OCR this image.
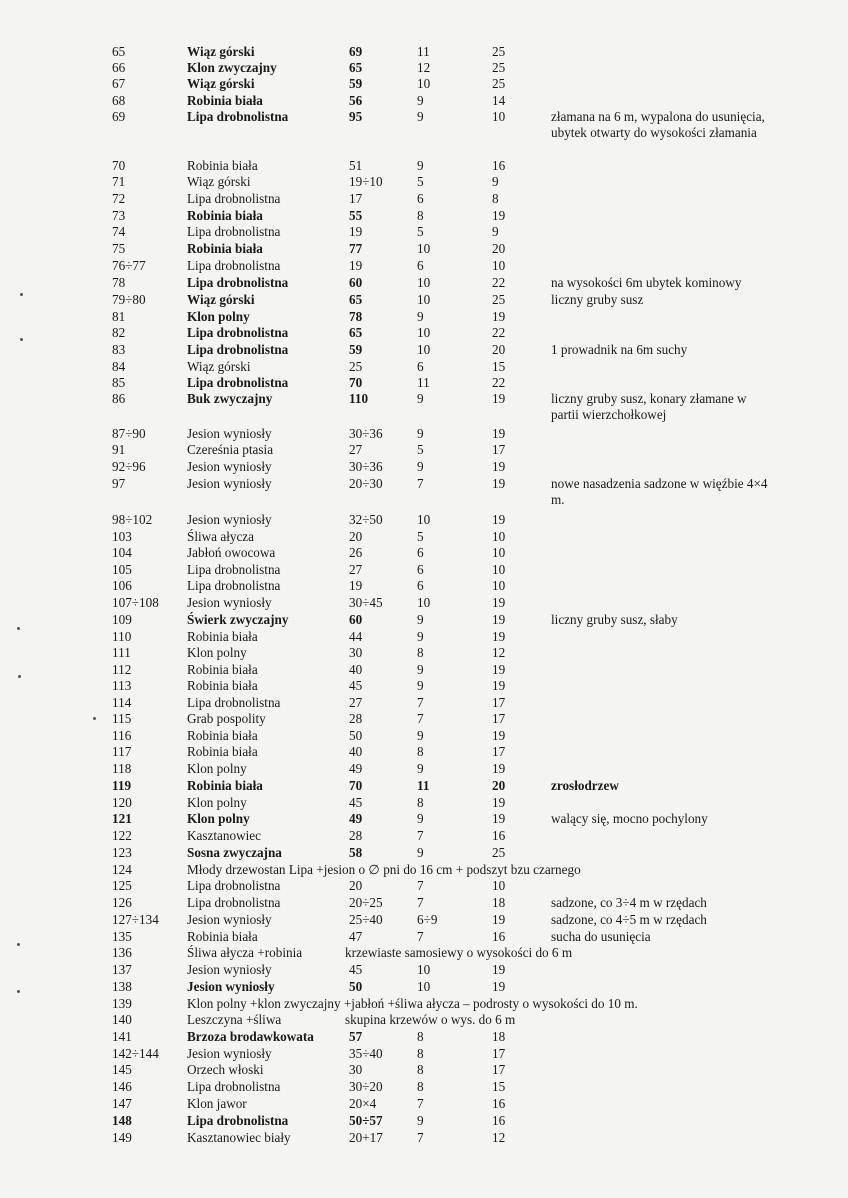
65	Wiąz górski	69	11	25
66	Klon zwyczajny	65	12	25
67	Wiąz górski	59	10	25
68	Robinia biała	56	9	14
69	Lipa drobnolistna	95	9	10	złamana na 6 m, wypalona do usunięcia, ubytek otwarty do wysokości złamania
70	Robinia biała	51	9	16
71	Wiąz górski	19÷10	5	9
72	Lipa drobnolistna	17	6	8
73	Robinia biała	55	8	19
74	Lipa drobnolistna	19	5	9
75	Robinia biała	77	10	20
76÷77	Lipa drobnolistna	19	6	10
78	Lipa drobnolistna	60	10	22	na wysokości 6m ubytek kominowy
79÷80	Wiąz górski	65	10	25	liczny gruby susz
81	Klon polny	78	9	19
82	Lipa drobnolistna	65	10	22
83	Lipa drobnolistna	59	10	20	1 prowadnik na 6m suchy
84	Wiąz górski	25	6	15
85	Lipa drobnolistna	70	11	22
86	Buk zwyczajny	110	9	19	liczny gruby susz, konary złamane w partii wierzchołkowej
87÷90	Jesion wyniosły	30÷36	9	19
91	Czereśnia ptasia	27	5	17
92÷96	Jesion wyniosły	30÷36	9	19
97	Jesion wyniosły	20÷30	7	19	nowe nasadzenia sadzone w więźbie 4×4 m.
98÷102	Jesion wyniosły	32÷50	10	19
103	Śliwa ałycza	20	5	10
104	Jabłoń owocowa	26	6	10
105	Lipa drobnolistna	27	6	10
106	Lipa drobnolistna	19	6	10
107÷108	Jesion wyniosły	30÷45	10	19
109	Świerk zwyczajny	60	9	19	liczny gruby susz, słaby
110	Robinia biała	44	9	19
111	Klon polny	30	8	12
112	Robinia biała	40	9	19
113	Robinia biała	45	9	19
114	Lipa drobnolistna	27	7	17
115	Grab pospolity	28	7	17
116	Robinia biała	50	9	19
117	Robinia biała	40	8	17
118	Klon polny	49	9	19
119	Robinia biała	70	11	20	zrosłodrzew
120	Klon polny	45	8	19
121	Klon polny	49	9	19	walący się, mocno pochylony
122	Kasztanowiec	28	7	16
123	Sosna zwyczajna	58	9	25
124	Młody drzewostan Lipa +jesion o ∅ pni do 16 cm + podszyt bzu czarnego
125	Lipa drobnolistna	20	7	10
126	Lipa drobnolistna	20÷25	7	18	sadzone, co 3÷4 m w rzędach
127÷134	Jesion wyniosły	25÷40	6÷9	19	sadzone, co 4÷5 m w rzędach
135	Robinia biała	47	7	16	sucha do usunięcia
136	Śliwa ałycza +robinia	krzewiaste samosiewy o wysokości do 6 m
137	Jesion wyniosły	45	10	19
138	Jesion wyniosły	50	10	19
139	Klon polny +klon zwyczajny +jabłoń +śliwa ałycza – podrosty o wysokości do 10 m.
140	Leszczyna +śliwa	skupina krzewów o wys. do 6 m
141	Brzoza brodawkowata	57	8	18
142÷144	Jesion wyniosły	35÷40	8	17
145	Orzech włoski	30	8	17
146	Lipa drobnolistna	30÷20	8	15
147	Klon jawor	20×4	7	16
148	Lipa drobnolistna	50÷57	9	16
149	Kasztanowiec biały	20+17	7	12
